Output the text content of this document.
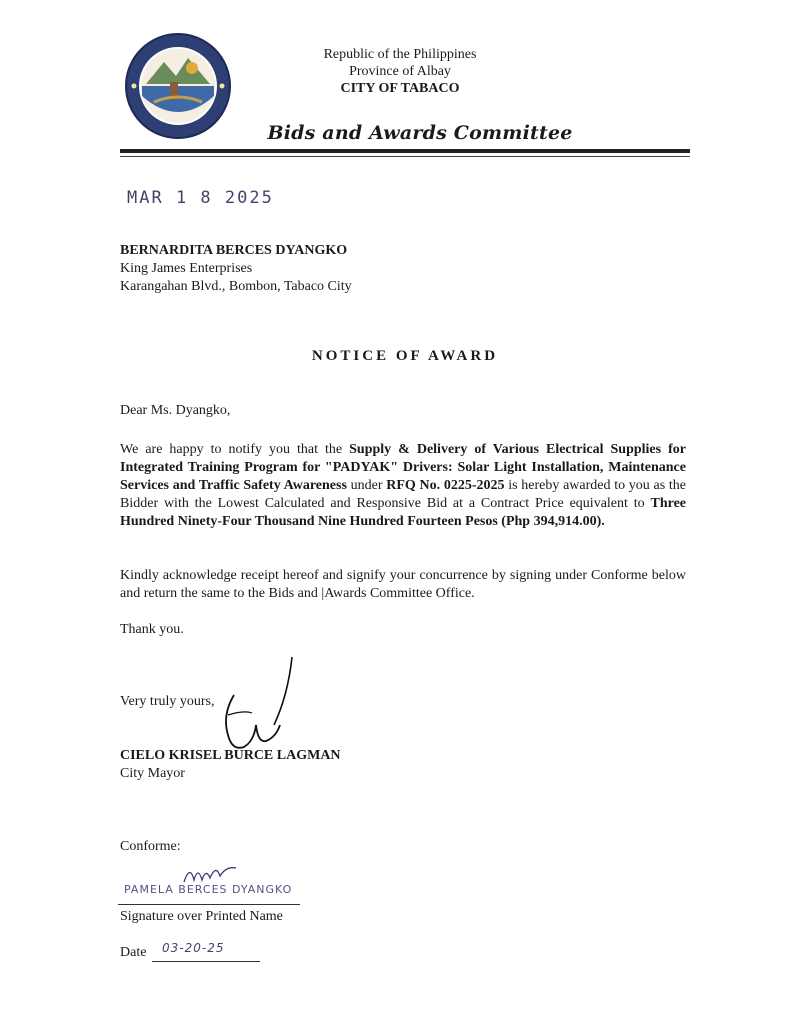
Republic of the Philippines
Province of Albay
CITY OF TABACO
Bids and Awards Committee
MAR 1 8 2025
BERNARDITA BERCES DYANGKO
King James Enterprises
Karangahan Blvd., Bombon, Tabaco City
NOTICE OF AWARD
Dear Ms. Dyangko,
We are happy to notify you that the Supply & Delivery of Various Electrical Supplies for Integrated Training Program for "PADYAK" Drivers: Solar Light Installation, Maintenance Services and Traffic Safety Awareness under RFQ No. 0225-2025 is hereby awarded to you as the Bidder with the Lowest Calculated and Responsive Bid at a Contract Price equivalent to Three Hundred Ninety-Four Thousand Nine Hundred Fourteen Pesos (Php 394,914.00).
Kindly acknowledge receipt hereof and signify your concurrence by signing under Conforme below and return the same to the Bids and |Awards Committee Office.
Thank you.
Very truly yours,
CIELO KRISEL BURCE LAGMAN
City Mayor
Conforme:
PAMELA BERCES DYANGKO
Signature over Printed Name
Date 03-20-25
